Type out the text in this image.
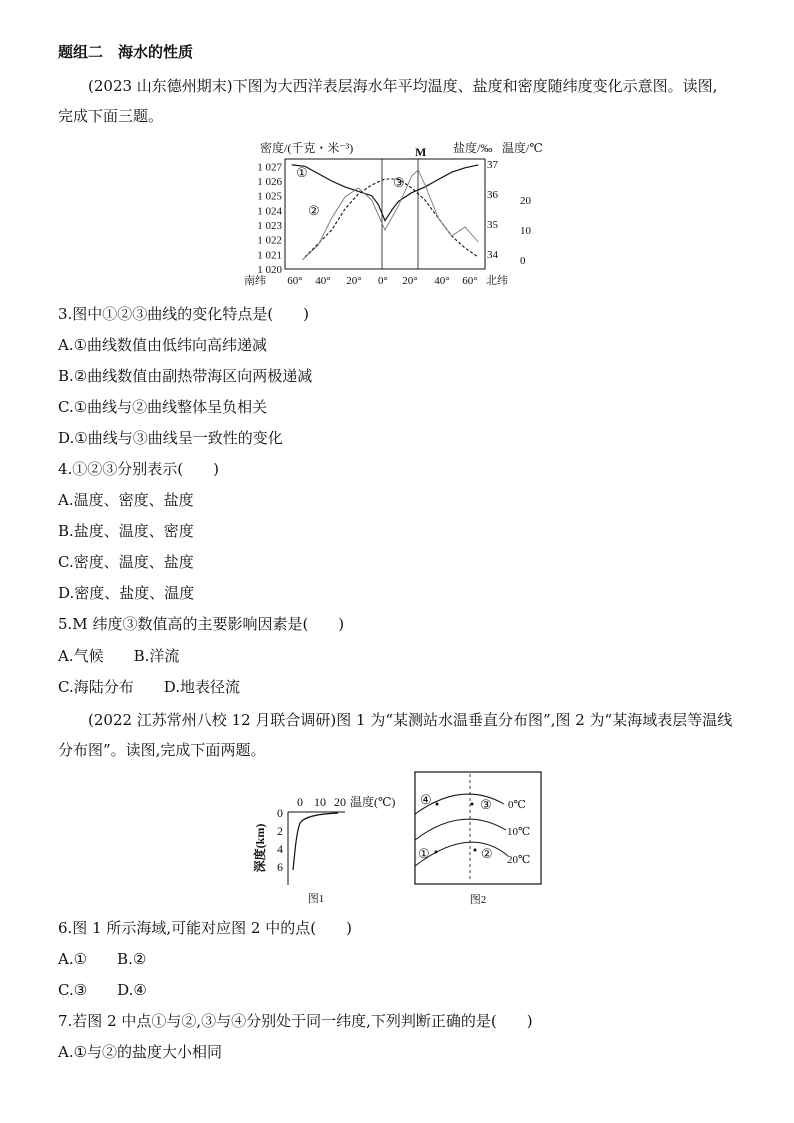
题组二　海水的性质
(2023 山东德州期末)下图为大西洋表层海水年平均温度、盐度和密度随纬度变化示意图。读图,
完成下面三题。
密度/(千克・米⁻³)	盐度/‰ 温度/℃
M
1 027
1 026
1 025
1 024
1 023
1 022
1 021
1 020
37
36
35
34
20
10
0
南纬 60° 40° 20° 0° 20° 40° 60° 北纬
①
②
③
3.图中①②③曲线的变化特点是(　　)
A.①曲线数值由低纬向高纬递减
B.②曲线数值由副热带海区向两极递减
C.①曲线与②曲线整体呈负相关
D.①曲线与③曲线呈一致性的变化
4.①②③分别表示(　　)
A.温度、密度、盐度
B.盐度、温度、密度
C.密度、温度、盐度
D.密度、盐度、温度
5.M 纬度③数值高的主要影响因素是(　　)
A.气候　　B.洋流
C.海陆分布　　D.地表径流
(2022 江苏常州八校 12 月联合调研)图 1 为“某测站水温垂直分布图”,图 2 为“某海域表层等温线
分布图”。读图,完成下面两题。
0 10 20 温度(℃)
0
2
4
6
深度(km)
图1
④	③ 0℃
10℃
①	② 20℃
图2
6.图 1 所示海域,可能对应图 2 中的点(　　)
A.①　　B.②
C.③　　D.④
7.若图 2 中点①与②,③与④分别处于同一纬度,下列判断正确的是(　　)
A.①与②的盐度大小相同
